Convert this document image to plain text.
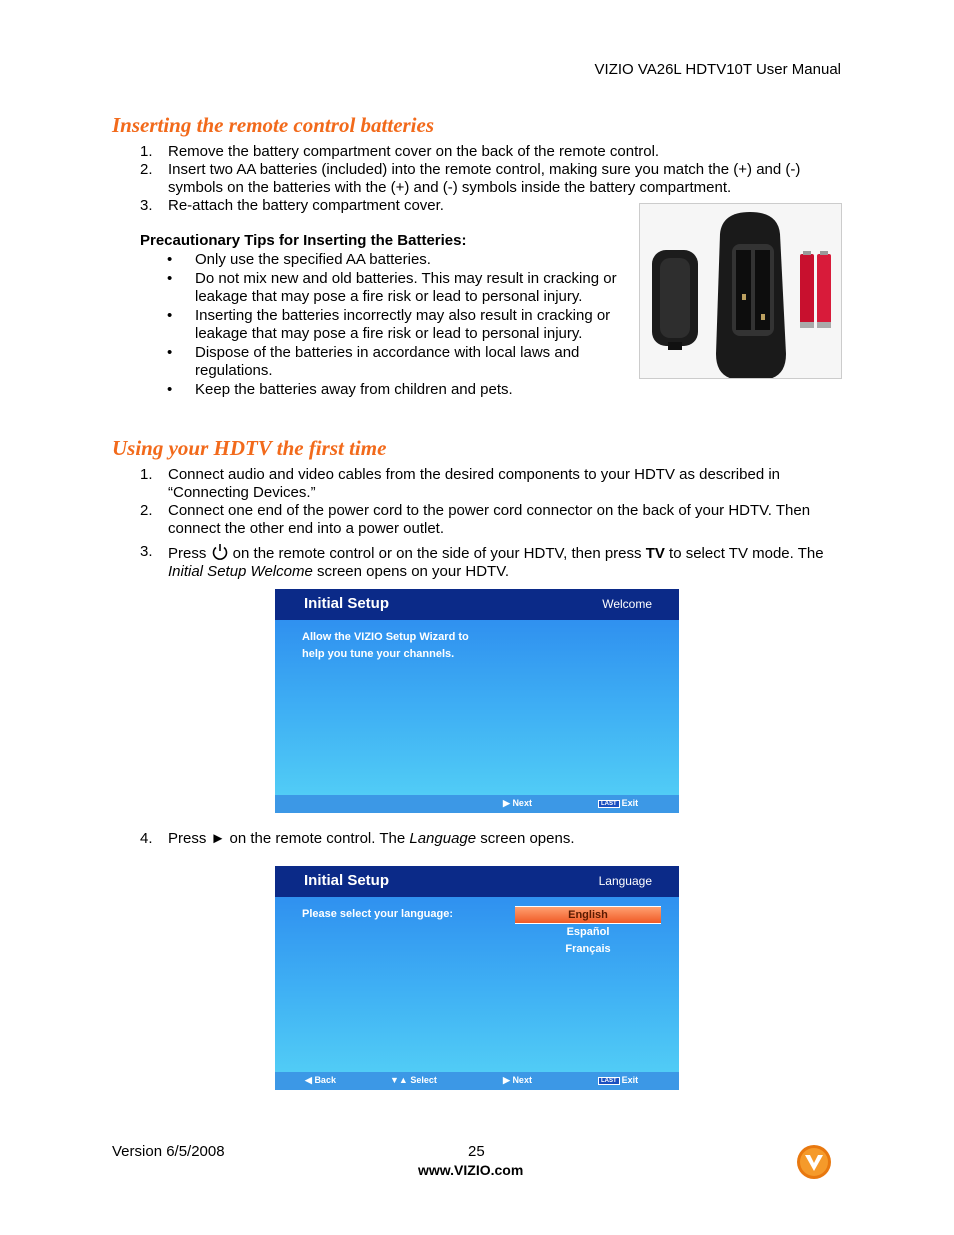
VIZIO VA26L HDTV10T User Manual
Inserting the remote control batteries
1. Remove the battery compartment cover on the back of the remote control.
2. Insert two AA batteries (included) into the remote control, making sure you match the (+) and (-) symbols on the batteries with the (+) and (-) symbols inside the battery compartment.
3. Re-attach the battery compartment cover.
Precautionary Tips for Inserting the Batteries:
• Only use the specified AA batteries.
• Do not mix new and old batteries. This may result in cracking or leakage that may pose a fire risk or lead to personal injury.
• Inserting the batteries incorrectly may also result in cracking or leakage that may pose a fire risk or lead to personal injury.
• Dispose of the batteries in accordance with local laws and regulations.
• Keep the batteries away from children and pets.
Using your HDTV the first time
1. Connect audio and video cables from the desired components to your HDTV as described in “Connecting Devices.”
2. Connect one end of the power cord to the power cord connector on the back of your HDTV. Then connect the other end into a power outlet.
3. Press  on the remote control or on the side of your HDTV, then press TV to select TV mode. The Initial Setup Welcome screen opens on your HDTV.
Initial Setup	Welcome
Allow the VIZIO Setup Wizard to
help you tune your channels.
▶ Next	LAST Exit
4. Press ► on the remote control. The Language screen opens.
Initial Setup	Language
Please select your language:	English
Español
Français
◀ Back	▼▲ Select	▶ Next	LAST Exit
Version 6/5/2008	25
www.VIZIO.com
